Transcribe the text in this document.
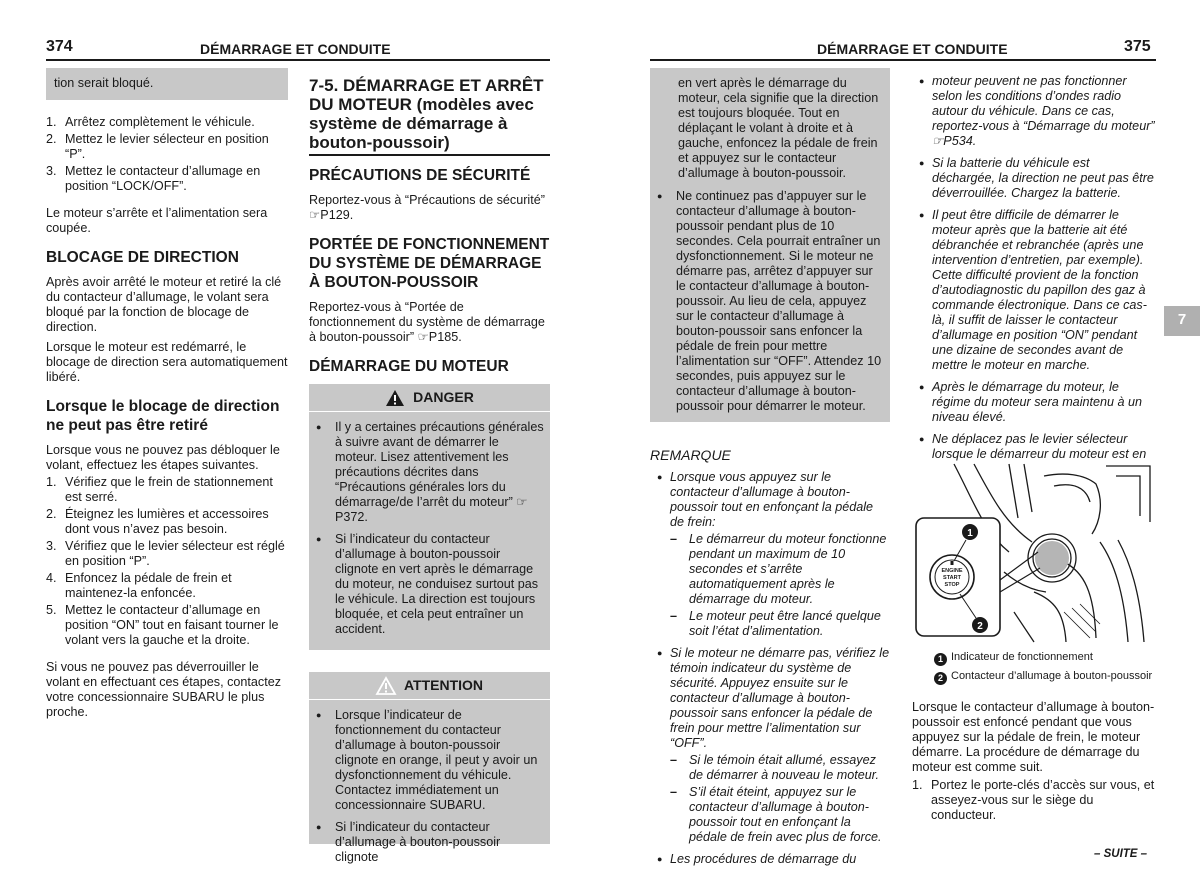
374	DÉMARRAGE ET CONDUITE	DÉMARRAGE ET CONDUITE	375
tion serait bloqué.
1. Arrêtez complètement le véhicule.
2. Mettez le levier sélecteur en position “P”.
3. Mettez le contacteur d’allumage en position “LOCK/OFF”.

Le moteur s’arrête et l’alimentation sera coupée.

BLOCAGE DE DIRECTION

Après avoir arrêté le moteur et retiré la clé du contacteur d’allumage, le volant sera bloqué par la fonction de blocage de direction.

Lorsque le moteur est redémarré, le blocage de direction sera automatiquement libéré.

Lorsque le blocage de direction ne peut pas être retiré

Lorsque vous ne pouvez pas débloquer le volant, effectuez les étapes suivantes.

1. Vérifiez que le frein de stationnement est serré.
2. Éteignez les lumières et accessoires dont vous n’avez pas besoin.
3. Vérifiez que le levier sélecteur est réglé en position “P”.
4. Enfoncez la pédale de frein et maintenez-la enfoncée.
5. Mettez le contacteur d’allumage en position “ON” tout en faisant tourner le volant vers la gauche et la droite.

Si vous ne pouvez pas déverrouiller le volant en effectuant ces étapes, contactez votre concessionnaire SUBARU le plus proche.

7-5. DÉMARRAGE ET ARRÊT DU MOTEUR (modèles avec système de démarrage à bouton-poussoir)
PRÉCAUTIONS DE SÉCURITÉ

Reportez-vous à “Précautions de sécurité” ☞P129.

PORTÉE DE FONCTIONNEMENT DU SYSTÈME DE DÉMARRAGE À BOUTON-POUSSOIR

Reportez-vous à “Portée de fonctionnement du système de démarrage à bouton-poussoir” ☞P185.

DÉMARRAGE DU MOTEUR
DANGER
● Il y a certaines précautions générales à suivre avant de démarrer le moteur. Lisez attentivement les précautions décrites dans “Précautions générales lors du démarrage/de l’arrêt du moteur” ☞P372.
● Si l’indicateur du contacteur d’allumage à bouton-poussoir clignote en vert après le démarrage du moteur, ne conduisez surtout pas le véhicule. La direction est toujours bloquée, et cela peut entraîner un accident.
ATTENTION
● Lorsque l’indicateur de fonctionnement du contacteur d’allumage à bouton-poussoir clignote en orange, il peut y avoir un dysfonctionnement du véhicule. Contactez immédiatement un concessionnaire SUBARU.
● Si l’indicateur du contacteur d’allumage à bouton-poussoir clignote

en vert après le démarrage du moteur, cela signifie que la direction est toujours bloquée. Tout en déplaçant le volant à droite et à gauche, enfoncez la pédale de frein et appuyez sur le contacteur d’allumage à bouton-poussoir.

● Ne continuez pas d’appuyer sur le contacteur d’allumage à bouton-poussoir pendant plus de 10 secondes. Cela pourrait entraîner un dysfonctionnement. Si le moteur ne démarre pas, arrêtez d’appuyer sur le contacteur d’allumage à bouton-poussoir. Au lieu de cela, appuyez sur le contacteur d’allumage à bouton-poussoir sans enfoncer la pédale de frein pour mettre l’alimentation sur “OFF”. Attendez 10 secondes, puis appuyez sur le contacteur d’allumage à bouton-poussoir pour démarrer le moteur.
REMARQUE
● Lorsque vous appuyez sur le contacteur d’allumage à bouton-poussoir tout en enfonçant la pédale de frein:
– Le démarreur du moteur fonctionne pendant un maximum de 10 secondes et s’arrête automatiquement après le démarrage du moteur.
– Le moteur peut être lancé quelque soit l’état d’alimentation.
● Si le moteur ne démarre pas, vérifiez le témoin indicateur du système de sécurité. Appuyez ensuite sur le contacteur d’allumage à bouton-poussoir sans enfoncer la pédale de frein pour mettre l’alimentation sur “OFF”.
– Si le témoin était allumé, essayez de démarrer à nouveau le moteur.
– S’il était éteint, appuyez sur le contacteur d’allumage à bouton-poussoir tout en enfonçant la pédale de frein avec plus de force.
● Les procédures de démarrage du
● moteur peuvent ne pas fonctionner selon les conditions d’ondes radio autour du véhicule. Dans ce cas, reportez-vous à “Démarrage du moteur” ☞P534.
● Si la batterie du véhicule est déchargée, la direction ne peut pas être déverrouillée. Chargez la batterie.
● Il peut être difficile de démarrer le moteur après que la batterie ait été débranchée et rebranchée (après une intervention d’entretien, par exemple). Cette difficulté provient de la fonction d’autodiagnostic du papillon des gaz à commande électronique. Dans ce cas-là, il suffit de laisser le contacteur d’allumage en position “ON” pendant une dizaine de secondes avant de mettre le moteur en marche.
● Après le démarrage du moteur, le régime du moteur sera maintenu à un niveau élevé.
● Ne déplacez pas le levier sélecteur lorsque le démarreur du moteur est en
ENGINE
START
STOP
1
2
1 Indicateur de fonctionnement
2 Contacteur d’allumage à bouton-poussoir

Lorsque le contacteur d’allumage à bouton-poussoir est enfoncé pendant que vous appuyez sur la pédale de frein, le moteur démarre. La procédure de démarrage du moteur est comme suit.

1. Portez le porte-clés d’accès sur vous, et asseyez-vous sur le siège du conducteur.
7
– SUITE –
